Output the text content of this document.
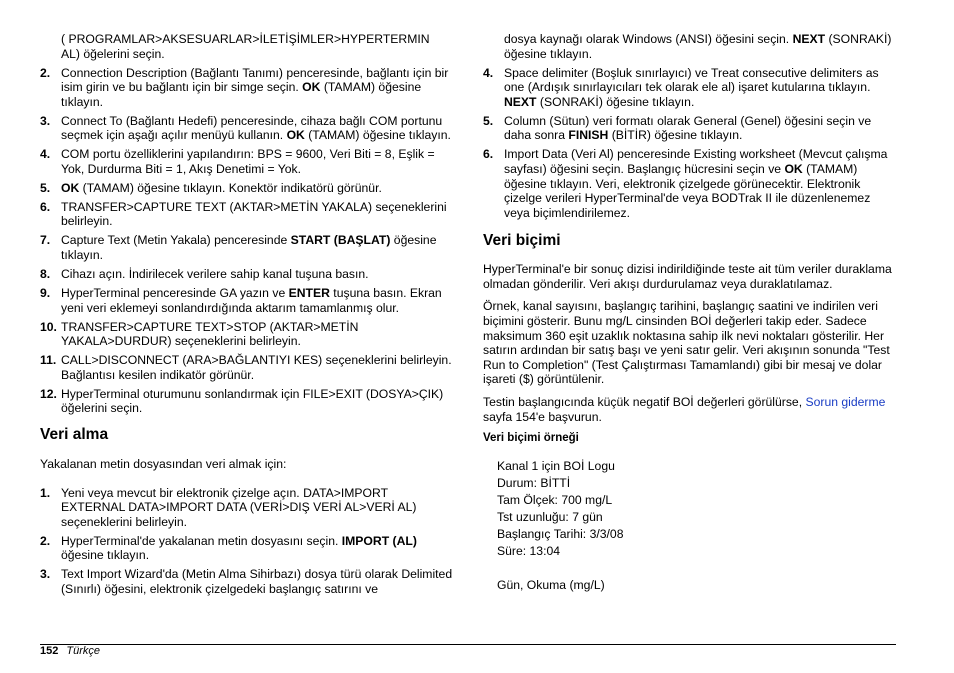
( PROGRAMLAR>AKSESUARLAR>İLETİŞİMLER>HYPERTERMIN
AL) öğelerini seçin.
2. Connection Description (Bağlantı Tanımı) penceresinde, bağlantı için bir isim girin ve bu bağlantı için bir simge seçin. OK (TAMAM) öğesine tıklayın.
3. Connect To (Bağlantı Hedefi) penceresinde, cihaza bağlı COM portunu seçmek için aşağı açılır menüyü kullanın. OK (TAMAM) öğesine tıklayın.
4. COM portu özelliklerini yapılandırın: BPS = 9600, Veri Biti = 8, Eşlik = Yok, Durdurma Biti = 1, Akış Denetimi = Yok.
5. OK (TAMAM) öğesine tıklayın. Konektör indikatörü görünür.
6. TRANSFER>CAPTURE TEXT (AKTAR>METİN YAKALA) seçeneklerini belirleyin.
7. Capture Text (Metin Yakala) penceresinde START (BAŞLAT) öğesine tıklayın.
8. Cihazı açın. İndirilecek verilere sahip kanal tuşuna basın.
9. HyperTerminal penceresinde GA yazın ve ENTER tuşuna basın. Ekran yeni veri eklemeyi sonlandırdığında aktarım tamamlanmış olur.
10. TRANSFER>CAPTURE TEXT>STOP (AKTAR>METİN YAKALA>DURDUR) seçeneklerini belirleyin.
11. CALL>DISCONNECT (ARA>BAĞLANTIYI KES) seçeneklerini belirleyin. Bağlantısı kesilen indikatör görünür.
12. HyperTerminal oturumunu sonlandırmak için FILE>EXIT (DOSYA>ÇIK) öğelerini seçin.
Veri alma

Yakalanan metin dosyasından veri almak için:

1. Yeni veya mevcut bir elektronik çizelge açın. DATA>IMPORT EXTERNAL DATA>IMPORT DATA (VERİ>DIŞ VERİ AL>VERİ AL) seçeneklerini belirleyin.
2. HyperTerminal'de yakalanan metin dosyasını seçin. IMPORT (AL) öğesine tıklayın.
3. Text Import Wizard'da (Metin Alma Sihirbazı) dosya türü olarak Delimited (Sınırlı) öğesini, elektronik çizelgedeki başlangıç satırını ve
dosya kaynağı olarak Windows (ANSI) öğesini seçin. NEXT (SONRAKİ) öğesine tıklayın.
4. Space delimiter (Boşluk sınırlayıcı) ve Treat consecutive delimiters as one (Ardışık sınırlayıcıları tek olarak ele al) işaret kutularına tıklayın. NEXT (SONRAKİ) öğesine tıklayın.
5. Column (Sütun) veri formatı olarak General (Genel) öğesini seçin ve daha sonra FINISH (BİTİR) öğesine tıklayın.
6. Import Data (Veri Al) penceresinde Existing worksheet (Mevcut çalışma sayfası) öğesini seçin. Başlangıç hücresini seçin ve OK (TAMAM) öğesine tıklayın. Veri, elektronik çizelgede görünecektir. Elektronik çizelge verileri HyperTerminal'de veya BODTrak II ile düzenlenemez veya biçimlendirilemez.
Veri biçimi

HyperTerminal'e bir sonuç dizisi indirildiğinde teste ait tüm veriler duraklama olmadan gönderilir. Veri akışı durdurulamaz veya duraklatılamaz.

Örnek, kanal sayısını, başlangıç tarihini, başlangıç saatini ve indirilen veri biçimini gösterir. Bunu mg/L cinsinden BOİ değerleri takip eder. Sadece maksimum 360 eşit uzaklık noktasına sahip ilk nevi noktaları gösterilir. Her satırın ardından bir satış başı ve yeni satır gelir. Veri akışının sonunda "Test Run to Completion" (Test Çalıştırması Tamamlandı) gibi bir mesaj ve dolar işareti ($) görüntülenir.

Testin başlangıcında küçük negatif BOİ değerleri görülürse, Sorun giderme sayfa 154'e başvurun.

Veri biçimi örneği

Kanal 1 için BOİ Logu
Durum: BİTTİ
Tam Ölçek: 700 mg/L
Tst uzunluğu: 7 gün
Başlangıç Tarihi: 3/3/08
Süre: 13:04
Gün, Okuma (mg/L)
152 Türkçe
